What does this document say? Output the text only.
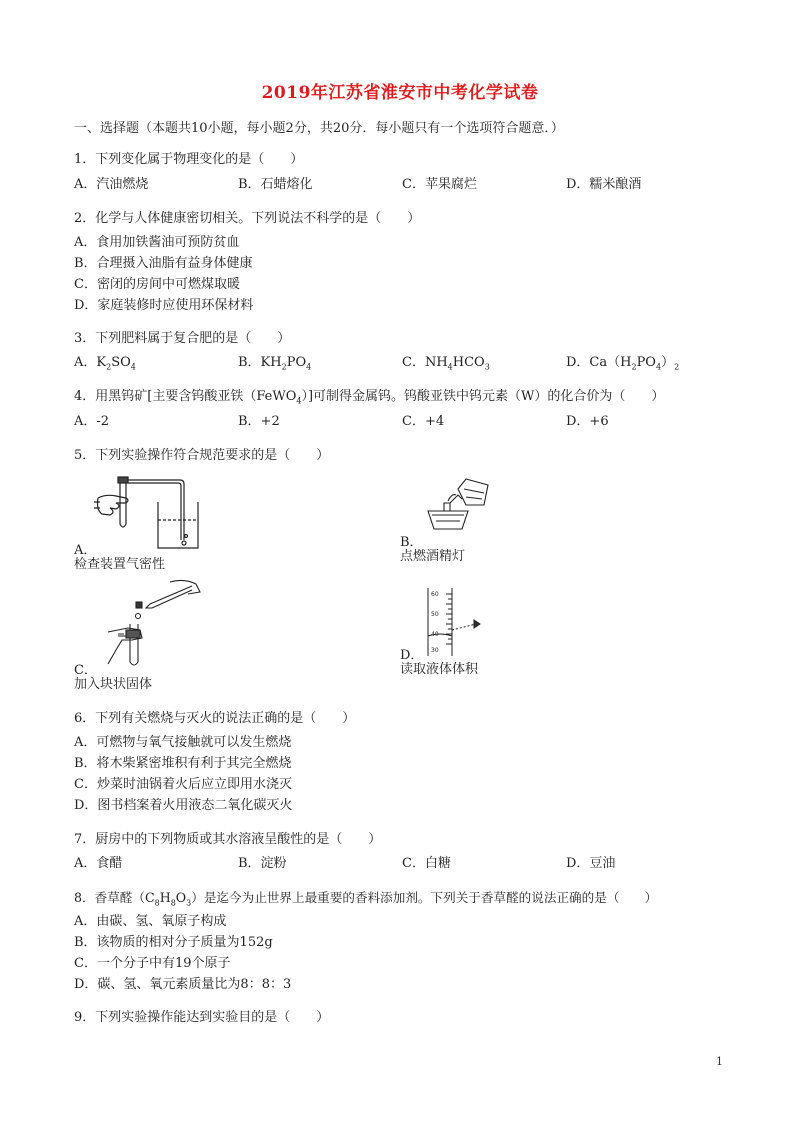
2019年江苏省淮安市中考化学试卷
一、选择题（本题共10小题，每小题2分，共20分．每小题只有一个选项符合题意．）
1．下列变化属于物理变化的是（　　）
A．汽油燃烧	B．石蜡熔化	C．苹果腐烂	D．糯米酿酒
2．化学与人体健康密切相关。下列说法不科学的是（　　）
A．食用加铁酱油可预防贫血
B．合理摄入油脂有益身体健康
C．密闭的房间中可燃煤取暖
D．家庭装修时应使用环保材料
3．下列肥料属于复合肥的是（　　）
A．$K_2SO_4$	B．$KH_2PO_4$	C．$NH_4HCO_3$	D．$Ca(H_2PO_4)_2$
4．用黑钨矿[主要含钨酸亚铁（FeWO$_4$）]可制得金属钨。钨酸亚铁中钨元素（W）的化合价为（　　）
A．-2	B．+2	C．+4	D．+6
5．下列实验操作符合规范要求的是（　　）
A．
检查装置气密性
B．
点燃酒精灯
C．
加入块状固体
60
50
40
30
D．
读取液体体积
6．下列有关燃烧与灭火的说法正确的是（　　）
A．可燃物与氧气接触就可以发生燃烧
B．将木柴紧密堆积有利于其完全燃烧
C．炒菜时油锅着火后应立即用水浇灭
D．图书档案着火用液态二氧化碳灭火
7．厨房中的下列物质或其水溶液呈酸性的是（　　）
A．食醋	B．淀粉	C．白糖	D．豆油
8．香草醛$(C_8H_8O_3)$是迄今为止世界上最重要的香料添加剂。下列关于香草醛的说法正确的是（　　）
A．由碳、氢、氧原子构成
B．该物质的相对分子质量为152g
C．一个分子中有19个原子
D．碳、氢、氧元素质量比为8：8：3
9．下列实验操作能达到实验目的是（　　）
1
